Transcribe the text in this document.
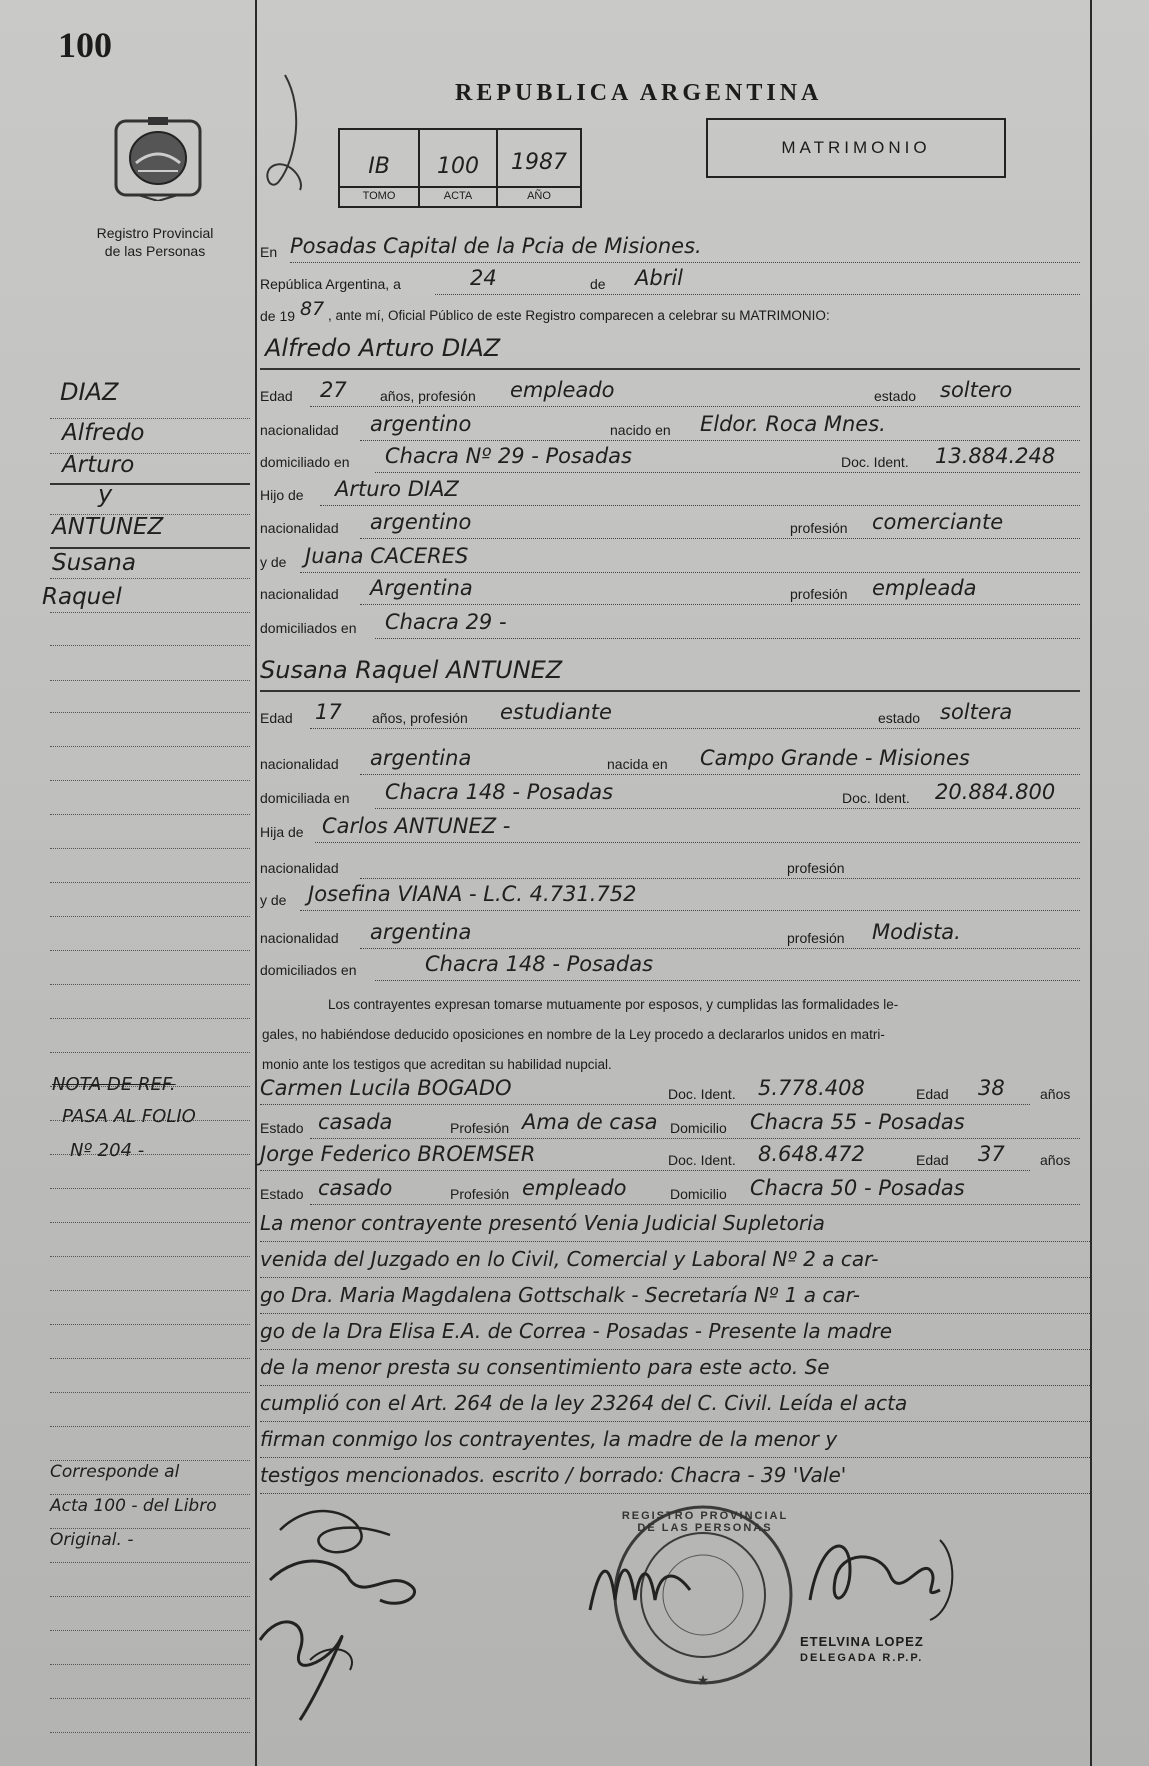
100
Registro Provincial
de las Personas
REPUBLICA ARGENTINA
IB	100	1987
TOMO	ACTA	AÑO
MATRIMONIO
En Posadas Capital de la Pcia de Misiones.
República Argentina, a	24	de Abril
de 19 87 , ante mí, Oficial Público de este Registro comparecen a celebrar su MATRIMONIO:
Alfredo Arturo DIAZ
Edad 27 años, profesión empleado	estado soltero
nacionalidad argentino	nacido en Eldor. Roca Mnes.
domiciliado en Chacra Nº 29 - Posadas	Doc. Ident. 13.884.248
Hijo de Arturo DIAZ
nacionalidad argentino	profesión comerciante
y de Juana CACERES
nacionalidad Argentina	profesión empleada
domiciliados en Chacra 29 -
Susana Raquel ANTUNEZ
Edad 17 años, profesión estudiante	estado soltera
nacionalidad argentina	nacida en Campo Grande - Misiones
domiciliada en Chacra 148 - Posadas	Doc. Ident. 20.884.800
Hija de Carlos ANTUNEZ -
nacionalidad	profesión
y de Josefina VIANA - L.C. 4.731.752
nacionalidad argentina	profesión Modista.
domiciliados en	Chacra 148 - Posadas
Los contrayentes expresan tomarse mutuamente por esposos, y cumplidas las formalidades le-
gales, no habiéndose deducido oposiciones en nombre de la Ley procedo a declararlos unidos en matri-
monio ante los testigos que acreditan su habilidad nupcial.
Carmen Lucila BOGADO	Doc. Ident. 5.778.408	Edad 38	años
Estado casada	Profesión Ama de casa Domicilio Chacra 55 - Posadas
Jorge Federico BROEMSER	Doc. Ident. 8.648.472	Edad 37	años
Estado casado	Profesión empleado	Domicilio Chacra 50 - Posadas
La menor contrayente presentó Venia Judicial Supletoria
venida del Juzgado en lo Civil, Comercial y Laboral Nº 2 a car-
go Dra. Maria Magdalena Gottschalk - Secretaría Nº 1 a car-
go de la Dra Elisa E.A. de Correa - Posadas - Presente la madre
de la menor presta su consentimiento para este acto. Se
cumplió con el Art. 264 de la ley 23264 del C. Civil. Leída el acta
firman conmigo los contrayentes, la madre de la menor y
testigos mencionados. escrito / borrado: Chacra - 39 'Vale'
★
REGISTRO PROVINCIAL DE LAS PERSONAS
ETELVINA LOPEZ
DELEGADA R.P.P.
DIAZ
Alfredo
Arturo
y
ANTUNEZ
Susana
Raquel
NOTA DE REF.
PASA AL FOLIO
Nº 204 -
Corresponde al
Acta 100 - del Libro
Original. -
